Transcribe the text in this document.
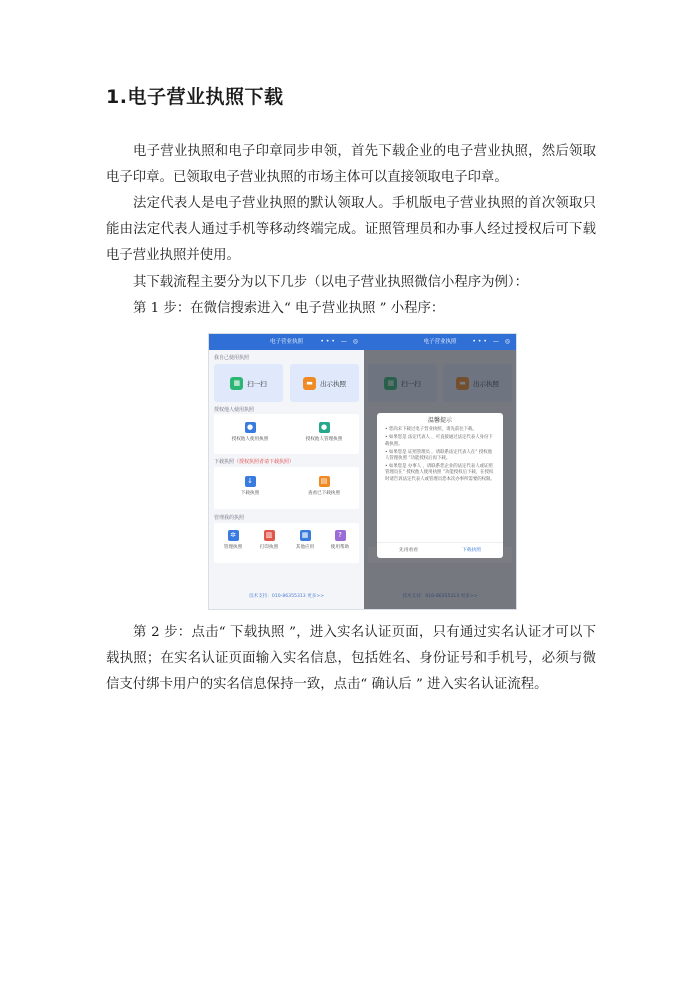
1.电子营业执照下载

电子营业执照和电子印章同步申领，首先下载企业的电子营业执照，然后领取电子印章。已领取电子营业执照的市场主体可以直接领取电子印章。

法定代表人是电子营业执照的默认领取人。手机版电子营业执照的首次领取只能由法定代表人通过手机等移动终端完成。证照管理员和办事人经过授权后可下载电子营业执照并使用。

其下载流程主要分为以下几步（以电子营业执照微信小程序为例）：

第 1 步：在微信搜索进入“ 电子营业执照 ” 小程序：

电子营业执照	••• — ◎
我自己使用执照
▦	扫一扫	▬	出示执照
授权他人使用执照
●
授权他人使用执照
●
授权他人管理执照
下载执照（授权执照者请下载执照）
↓
下载执照
▤
查看已下载执照
管理我的执照
✲
管理执照
▥
打印执照
▦
其他应用
?
使用帮助
技术支持：010-86355313 更多>>
电子营业执照	••• — ◎
温馨提示
• 您尚未下载过电子营业执照，请先前往下载。
• 如果您是 法定代表人 ，可直接通过法定代表人身份下载执照。
• 如果您是 证照管理员 ，请联系法定代表人在“ 授权他人管理执照 ”功能授权后再下载。
• 如果您是 办事人 ，请联系您企业的法定代表人或证照管理员在“ 授权他人使用执照 ”功能授权后下载，在授权时请告诉法定代表人或管理员您本次办事所需要的权限。
先再看看	下载执照

第 2 步：点击“ 下载执照 ”，进入实名认证页面，只有通过实名认证才可以下载执照；在实名认证页面输入实名信息，包括姓名、身份证号和手机号，必须与微信支付绑卡用户的实名信息保持一致，点击“ 确认后 ” 进入实名认证流程。
